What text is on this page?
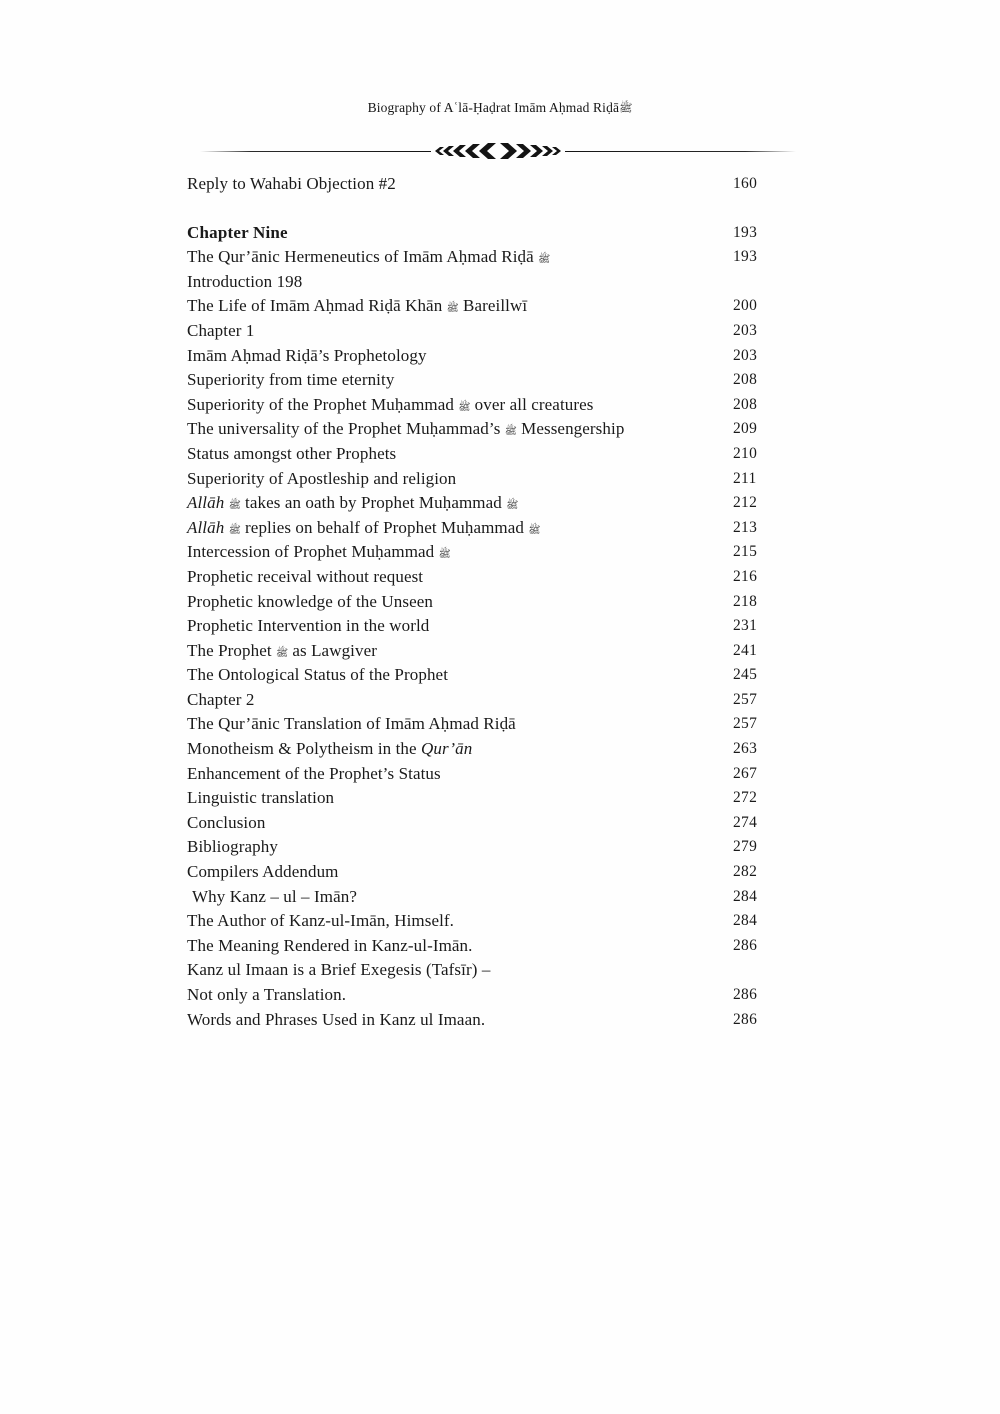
Biography of Aʿlā-Ḥaḍrat Imām Aḥmad Riḍāﷺ
Reply to Wahabi Objection #2	160
Chapter Nine	193
The Qur’ānic Hermeneutics of Imām Aḥmad Riḍā ﷺ	193
Introduction 198
The Life of Imām Aḥmad Riḍā Khān ﷺ Bareillwī	200
Chapter 1	203
Imām Aḥmad Riḍā’s Prophetology	203
Superiority from time eternity	208
Superiority of the Prophet Muḥammad ﷺ over all creatures	208
The universality of the Prophet Muḥammad’s ﷺ Messengership	209
Status amongst other Prophets	210
Superiority of Apostleship and religion	211
Allāh ﷺ takes an oath by Prophet Muḥammad ﷺ	212
Allāh ﷺ replies on behalf of Prophet Muḥammad ﷺ	213
Intercession of Prophet Muḥammad ﷺ	215
Prophetic receival without request	216
Prophetic knowledge of the Unseen	218
Prophetic Intervention in the world	231
The Prophet ﷺ as Lawgiver	241
The Ontological Status of the Prophet	245
Chapter 2	257
The Qur’ānic Translation of Imām Aḥmad Riḍā	257
Monotheism & Polytheism in the Qur’ān	263
Enhancement of the Prophet’s Status	267
Linguistic translation	272
Conclusion	274
Bibliography	279
Compilers Addendum	282
Why Kanz – ul – Imān?	284
The Author of Kanz-ul-Imān, Himself.	284
The Meaning Rendered in Kanz-ul-Imān.	286
Kanz ul Imaan is a Brief Exegesis (Tafsīr) –
Not only a Translation.	286
Words and Phrases Used in Kanz ul Imaan.	286
